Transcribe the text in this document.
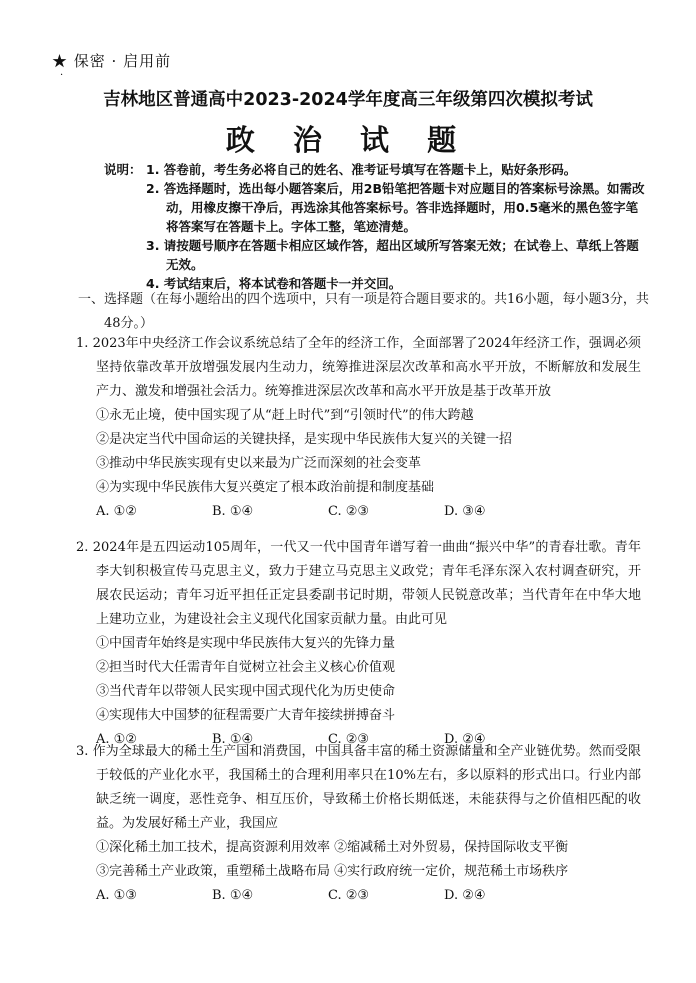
★ 保密 · 启用前
·
吉林地区普通高中2023-2024学年度高三年级第四次模拟考试
政 治 试 题
说明： 1. 答卷前，考生务必将自己的姓名、准考证号填写在答题卡上，贴好条形码。
2. 答选择题时，选出每小题答案后，用2B铅笔把答题卡对应题目的答案标号涂黑。如需改动，用橡皮擦干净后，再选涂其他答案标号。答非选择题时，用0.5毫米的黑色签字笔将答案写在答题卡上。字体工整，笔迹清楚。
3. 请按题号顺序在答题卡相应区域作答，超出区域所写答案无效；在试卷上、草纸上答题无效。
4. 考试结束后，将本试卷和答题卡一并交回。
一、选择题（在每小题给出的四个选项中，只有一项是符合题目要求的。共16小题，每小题3分，共48分。）
1. 2023年中央经济工作会议系统总结了全年的经济工作，全面部署了2024年经济工作，强调必须坚持依靠改革开放增强发展内生动力，统筹推进深层次改革和高水平开放，不断解放和发展生产力、激发和增强社会活力。统筹推进深层次改革和高水平开放是基于改革开放
①永无止境，使中国实现了从“赶上时代”到“引领时代”的伟大跨越
②是决定当代中国命运的关键抉择，是实现中华民族伟大复兴的关键一招
③推动中华民族实现有史以来最为广泛而深刻的社会变革
④为实现中华民族伟大复兴奠定了根本政治前提和制度基础
A. ①②	B. ①④	C. ②③	D. ③④
2. 2024年是五四运动105周年，一代又一代中国青年谱写着一曲曲“振兴中华”的青春壮歌。青年李大钊积极宣传马克思主义，致力于建立马克思主义政党；青年毛泽东深入农村调查研究，开展农民运动；青年习近平担任正定县委副书记时期，带领人民锐意改革；当代青年在中华大地上建功立业，为建设社会主义现代化国家贡献力量。由此可见
①中国青年始终是实现中华民族伟大复兴的先锋力量
②担当时代大任需青年自觉树立社会主义核心价值观
③当代青年以带领人民实现中国式现代化为历史使命
④实现伟大中国梦的征程需要广大青年接续拼搏奋斗
A. ①②	B. ①④	C. ②③	D. ②④
3. 作为全球最大的稀土生产国和消费国，中国具备丰富的稀土资源储量和全产业链优势。然而受限于较低的产业化水平，我国稀土的合理利用率只在10%左右，多以原料的形式出口。行业内部缺乏统一调度，恶性竞争、相互压价，导致稀土价格长期低迷，未能获得与之价值相匹配的收益。为发展好稀土产业，我国应
①深化稀土加工技术，提高资源利用效率 ②缩减稀土对外贸易，保持国际收支平衡
③完善稀土产业政策，重塑稀土战略布局 ④实行政府统一定价，规范稀土市场秩序
A. ①③	B. ①④	C. ②③	D. ②④
